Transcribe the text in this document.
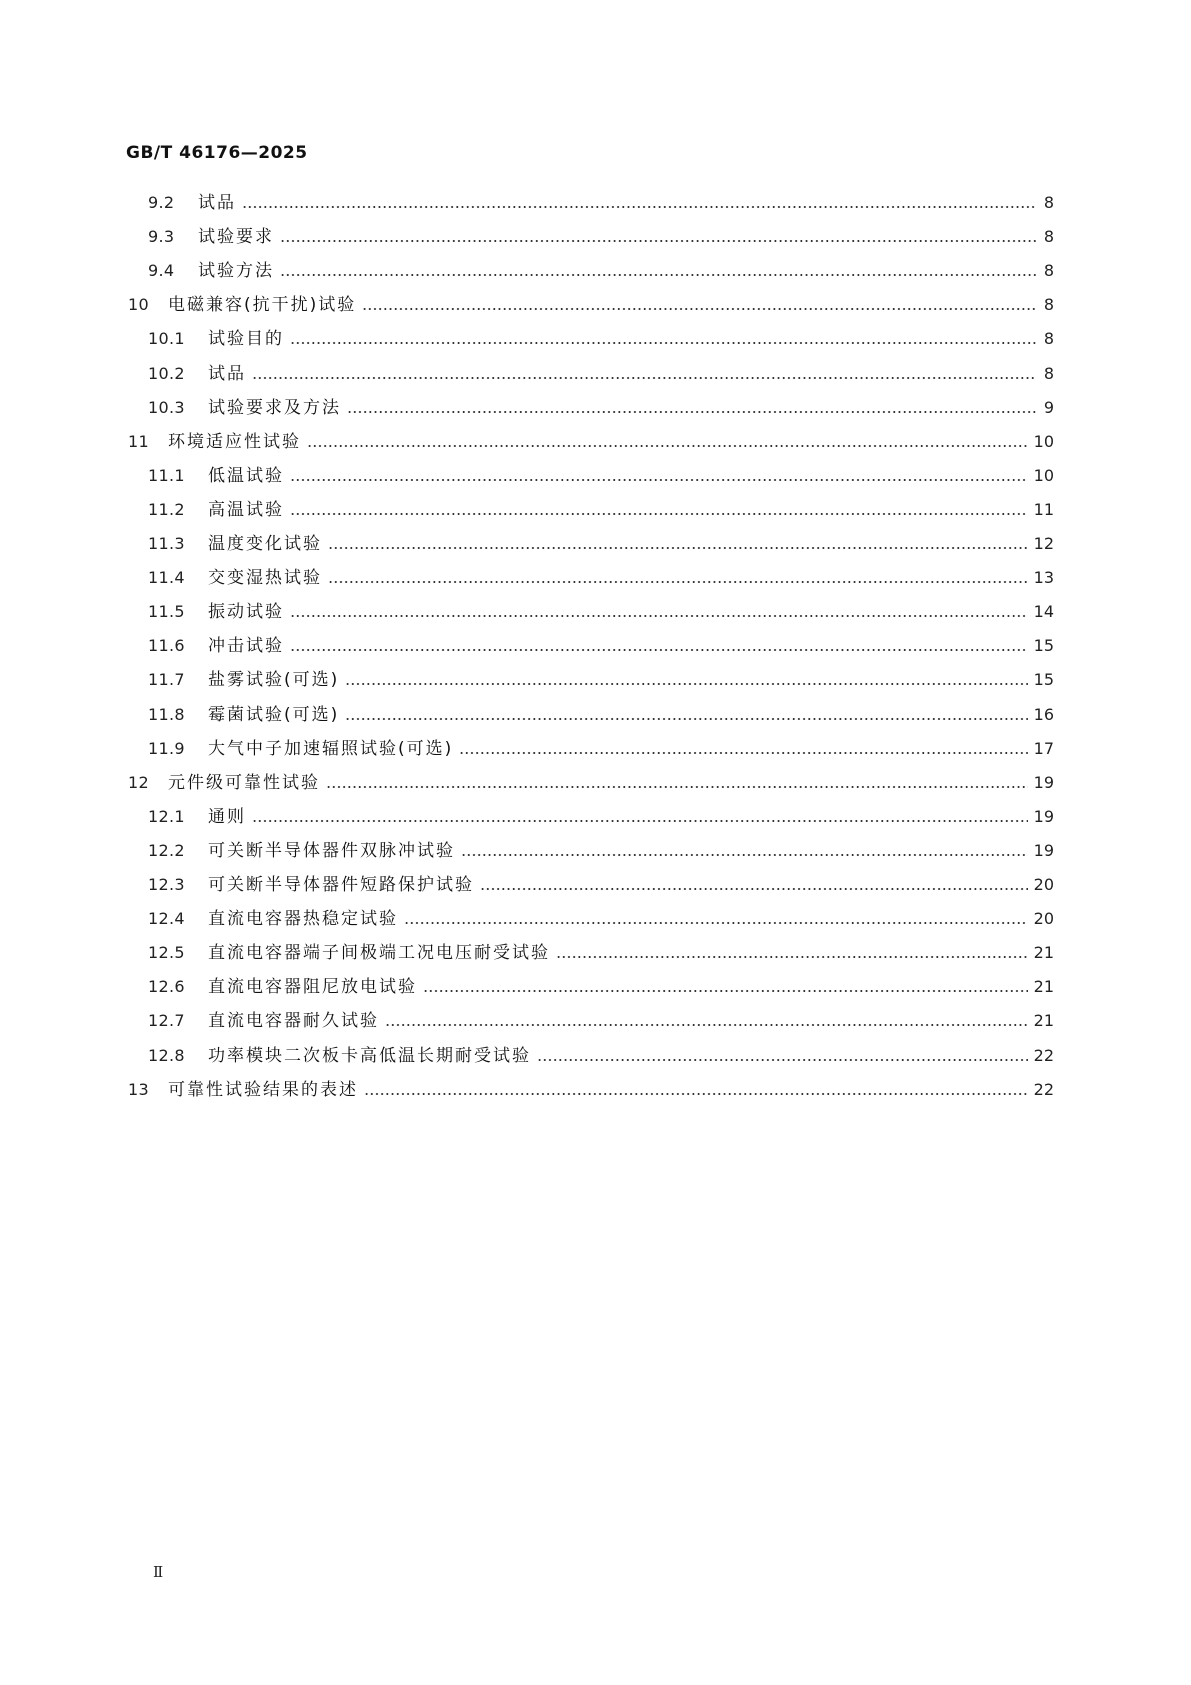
GB/T 46176—2025
9.2	试品	8
9.3	试验要求	8
9.4	试验方法	8
10	电磁兼容(抗干扰)试验	8
10.1	试验目的	8
10.2	试品	8
10.3	试验要求及方法	9
11	环境适应性试验	10
11.1	低温试验	10
11.2	高温试验	11
11.3	温度变化试验	12
11.4	交变湿热试验	13
11.5	振动试验	14
11.6	冲击试验	15
11.7	盐雾试验(可选)	15
11.8	霉菌试验(可选)	16
11.9	大气中子加速辐照试验(可选)	17
12	元件级可靠性试验	19
12.1	通则	19
12.2	可关断半导体器件双脉冲试验	19
12.3	可关断半导体器件短路保护试验	20
12.4	直流电容器热稳定试验	20
12.5	直流电容器端子间极端工况电压耐受试验	21
12.6	直流电容器阻尼放电试验	21
12.7	直流电容器耐久试验	21
12.8	功率模块二次板卡高低温长期耐受试验	22
13	可靠性试验结果的表述	22
Ⅱ
